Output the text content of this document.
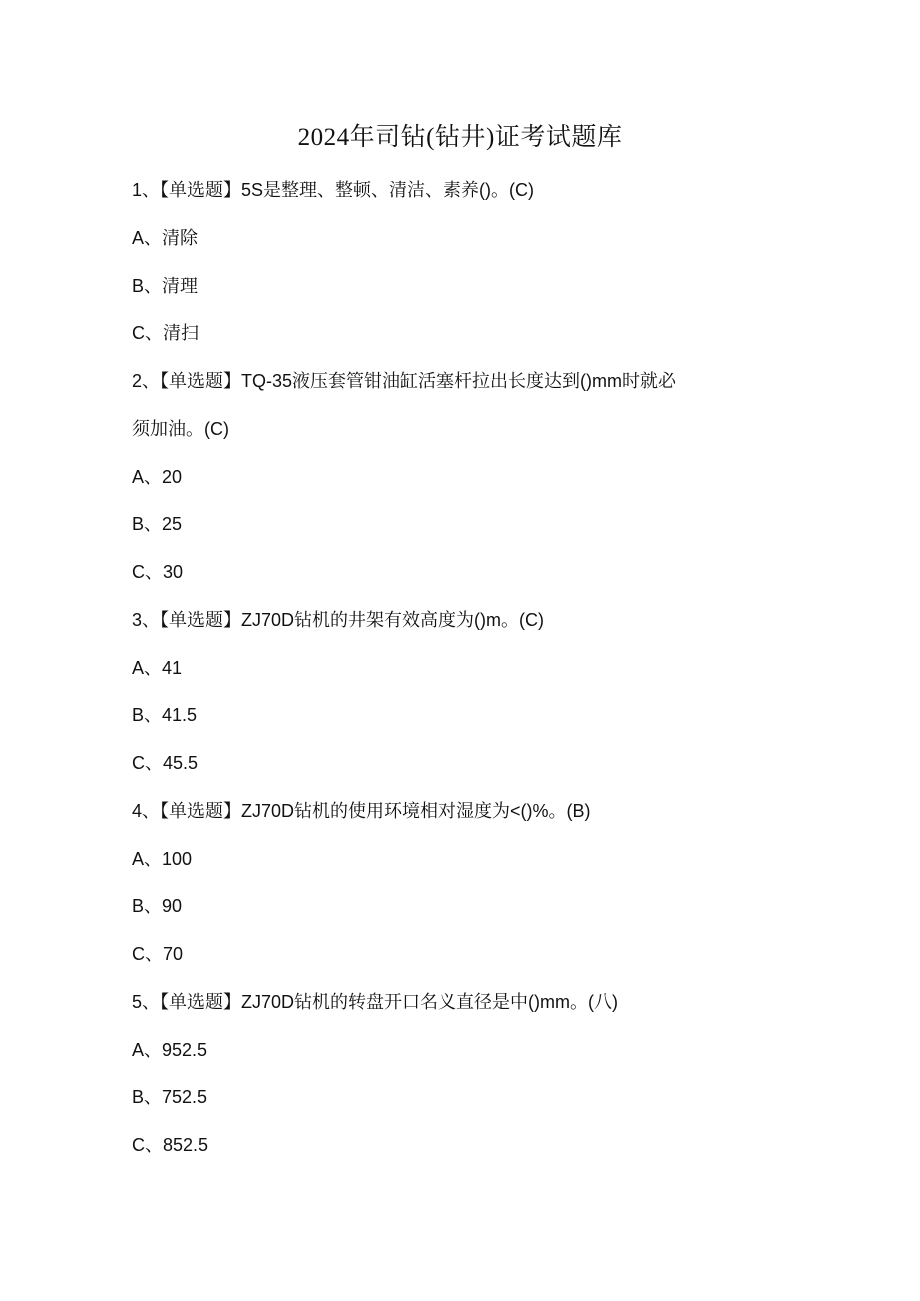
2024年司钻(钻井)证考试题库
1、【单选题】5S是整理、整顿、清洁、素养()。(C)
A、清除
B、清理
C、清扫
2、【单选题】TQ-35液压套管钳油缸活塞杆拉出长度达到()mm时就必
须加油。(C)
A、20
B、25
C、30
3、【单选题】ZJ70D钻机的井架有效高度为()m。(C)
A、41
B、41.5
C、45.5
4、【单选题】ZJ70D钻机的使用环境相对湿度为<()%。(B)
A、100
B、90
C、70
5、【单选题】ZJ70D钻机的转盘开口名义直径是中()mm。(八)
A、952.5
B、752.5
C、852.5
